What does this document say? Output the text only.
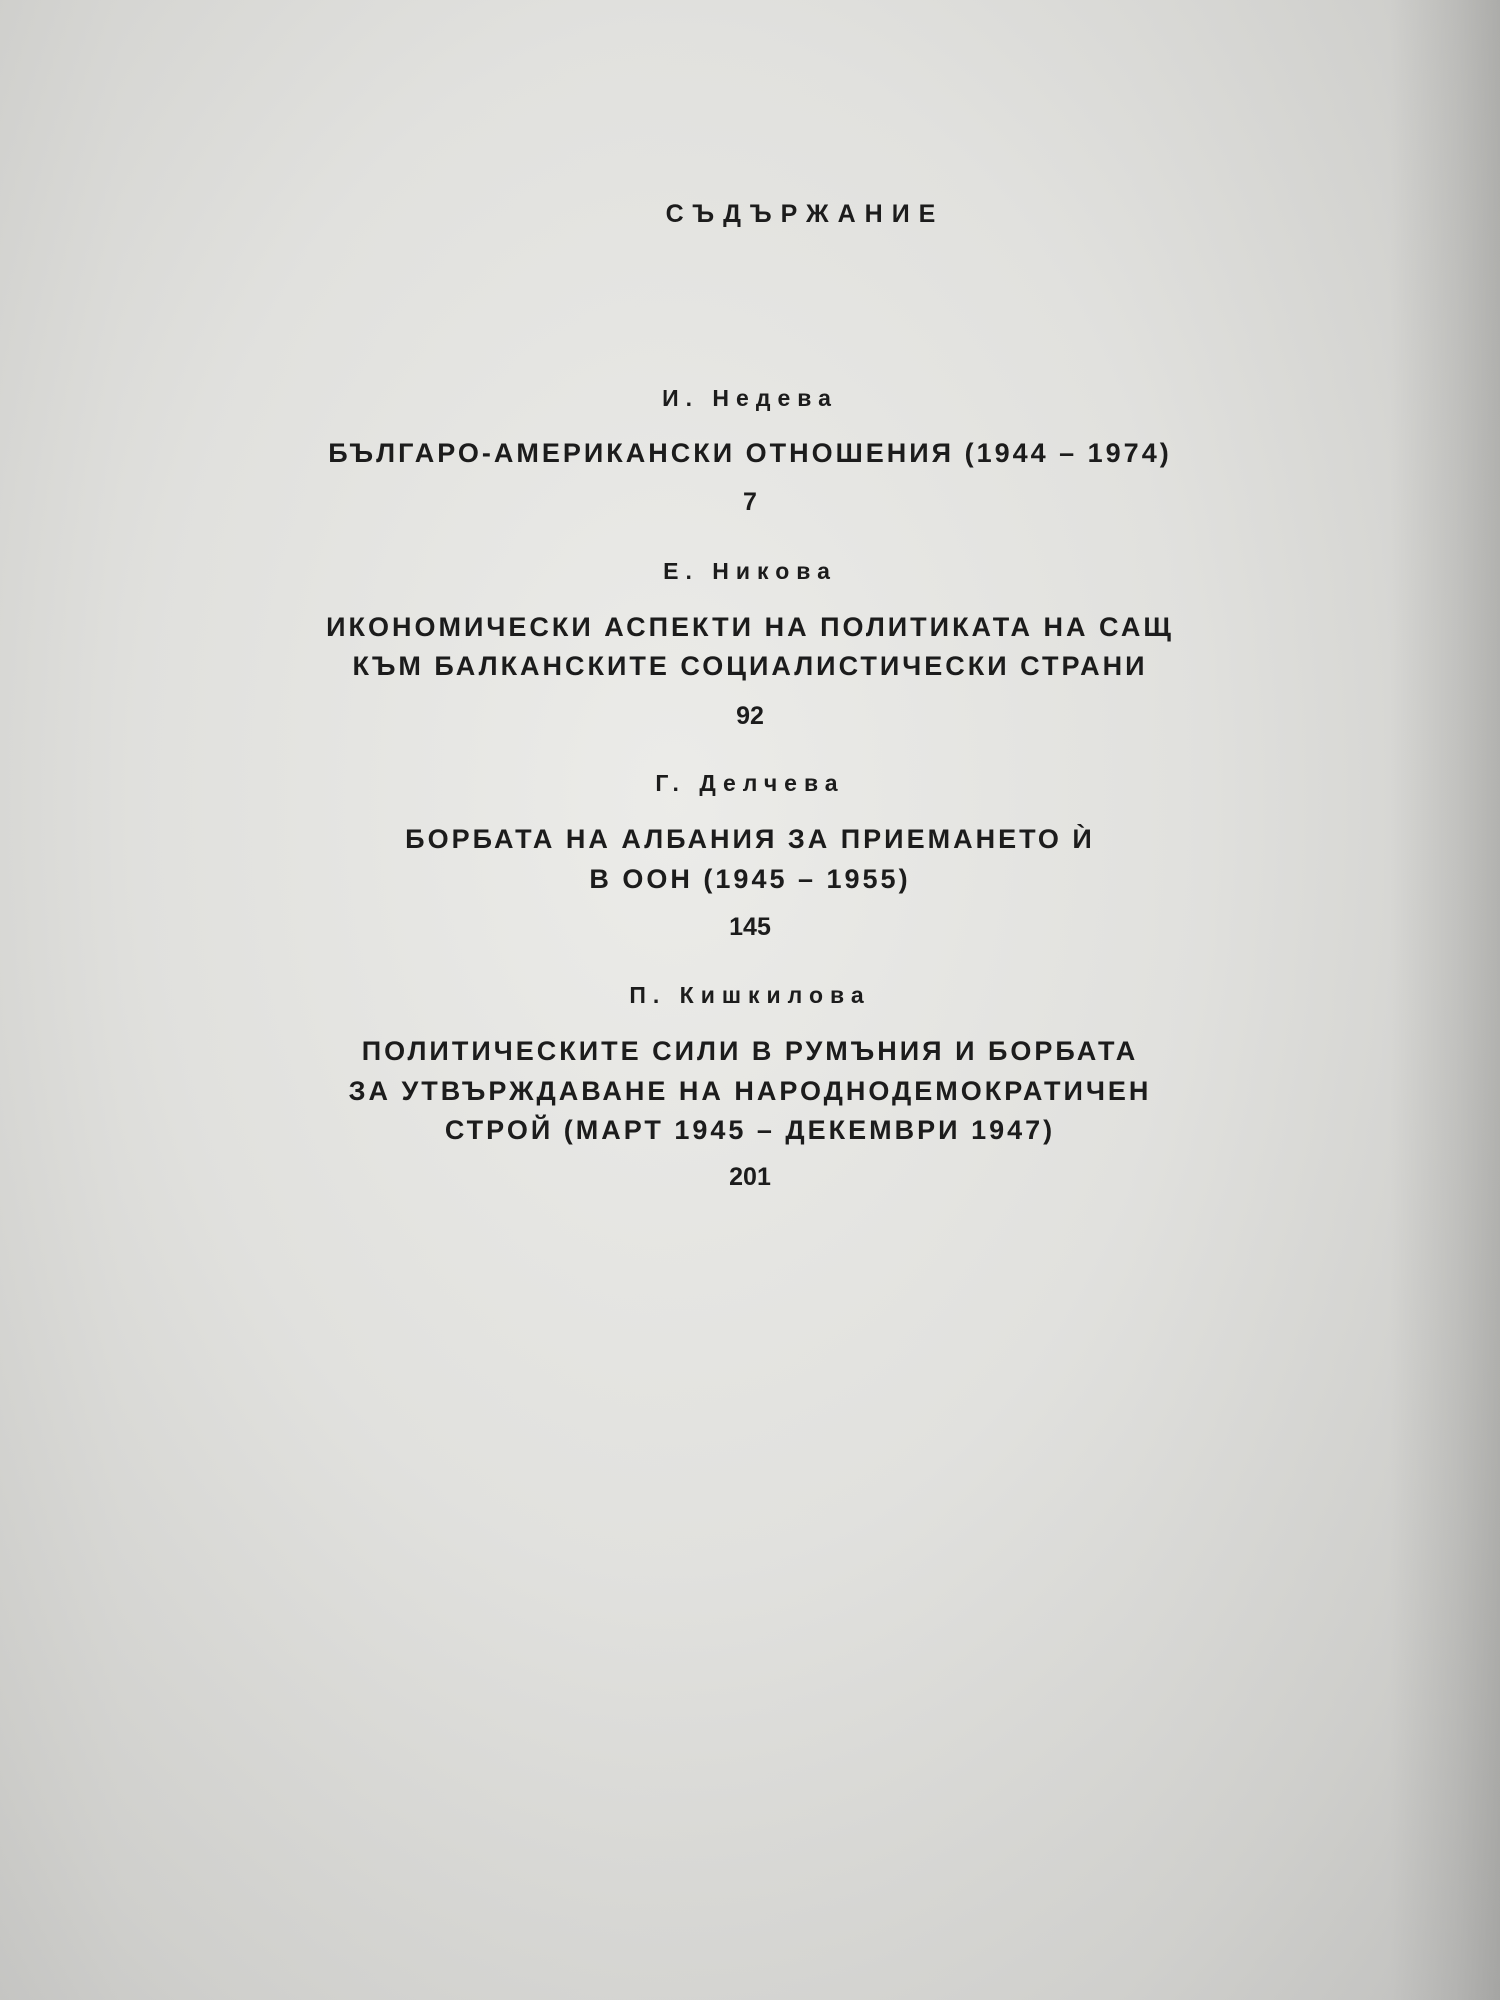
СЪДЪРЖАНИЕ
И. Недева
БЪЛГАРО-АМЕРИКАНСКИ ОТНОШЕНИЯ (1944 – 1974)
7
Е. Никова
ИКОНОМИЧЕСКИ АСПЕКТИ НА ПОЛИТИКАТА НА САЩ
КЪМ БАЛКАНСКИТЕ СОЦИАЛИСТИЧЕСКИ СТРАНИ
92
Г. Делчева
БОРБАТА НА АЛБАНИЯ ЗА ПРИЕМАНЕТО Ѝ
В ООН (1945 – 1955)
145
П. Кишкилова
ПОЛИТИЧЕСКИТЕ СИЛИ В РУМЪНИЯ И БОРБАТА
ЗА УТВЪРЖДАВАНЕ НА НАРОДНОДЕМОКРАТИЧЕН
СТРОЙ (МАРТ 1945 – ДЕКЕМВРИ 1947)
201
